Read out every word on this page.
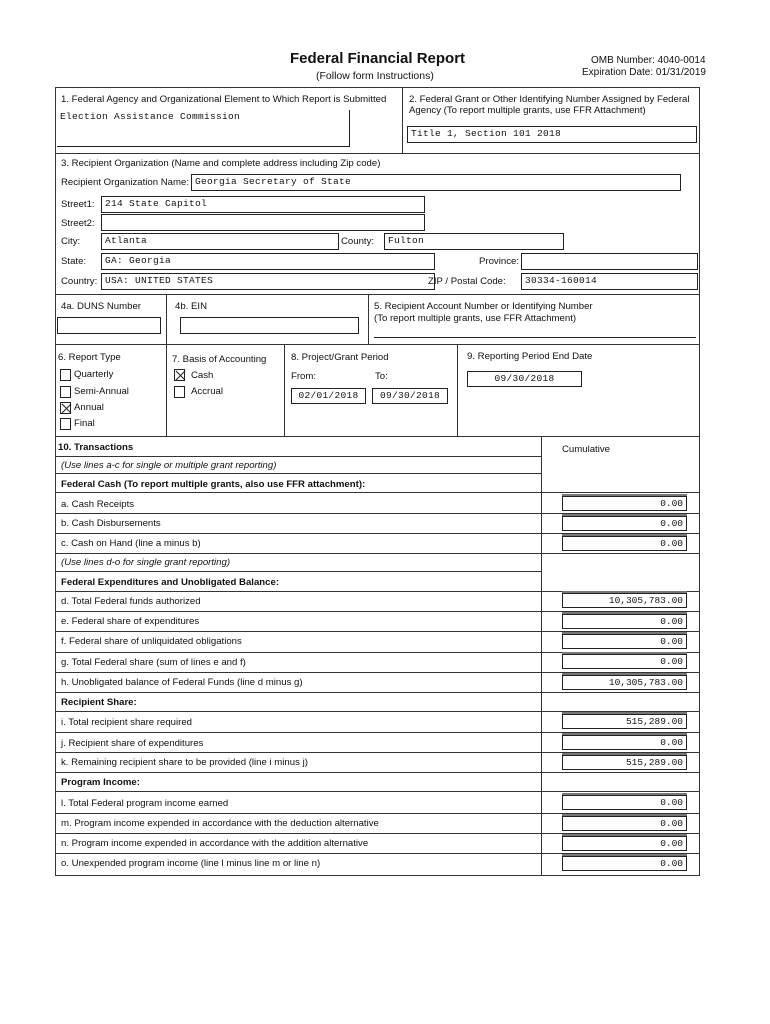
Federal Financial Report
(Follow form Instructions)
OMB Number: 4040-0014
Expiration Date: 01/31/2019
1. Federal Agency and Organizational Element to Which Report is Submitted
Election Assistance Commission
2. Federal Grant or Other Identifying Number Assigned by Federal
Agency (To report multiple grants, use FFR Attachment)
Title 1, Section 101 2018
3. Recipient Organization (Name and complete address including Zip code)
Recipient Organization Name: Georgia Secretary of State
Street1:	214 State Capitol
Street2:
City:	Atlanta	County:	Fulton
State:	GA: Georgia	Province:
Country: USA: UNITED STATES	ZIP / Postal Code:	30334-160014
4a. DUNS Number	4b. EIN	5. Recipient Account Number or Identifying Number
(To report multiple grants, use FFR Attachment)
6. Report Type
Quarterly
Semi-Annual
Annual
Final
7. Basis of Accounting
Cash
Accrual
8. Project/Grant Period
From:	To:
02/01/2018	09/30/2018
9. Reporting Period End Date
09/30/2018
10. Transactions	Cumulative
(Use lines a-c for single or multiple grant reporting)
Federal Cash (To report multiple grants, also use FFR attachment):
a. Cash Receipts	0.00
b. Cash Disbursements	0.00
c. Cash on Hand (line a minus b)	0.00
(Use lines d-o for single grant reporting)
Federal Expenditures and Unobligated Balance:
d. Total Federal funds authorized	10,305,783.00
e. Federal share of expenditures	0.00
f. Federal share of unliquidated obligations	0.00
g. Total Federal share (sum of lines e and f)	0.00
h. Unobligated balance of Federal Funds (line d minus g)	10,305,783.00
Recipient Share:
i. Total recipient share required	515,289.00
j. Recipient share of expenditures	0.00
k. Remaining recipient share to be provided (line i minus j)	515,289.00
Program Income:
l. Total Federal program income earned	0.00
m. Program income expended in accordance with the deduction alternative	0.00
n. Program income expended in accordance with the addition alternative	0.00
o. Unexpended program income (line l minus line m or line n)	0.00
